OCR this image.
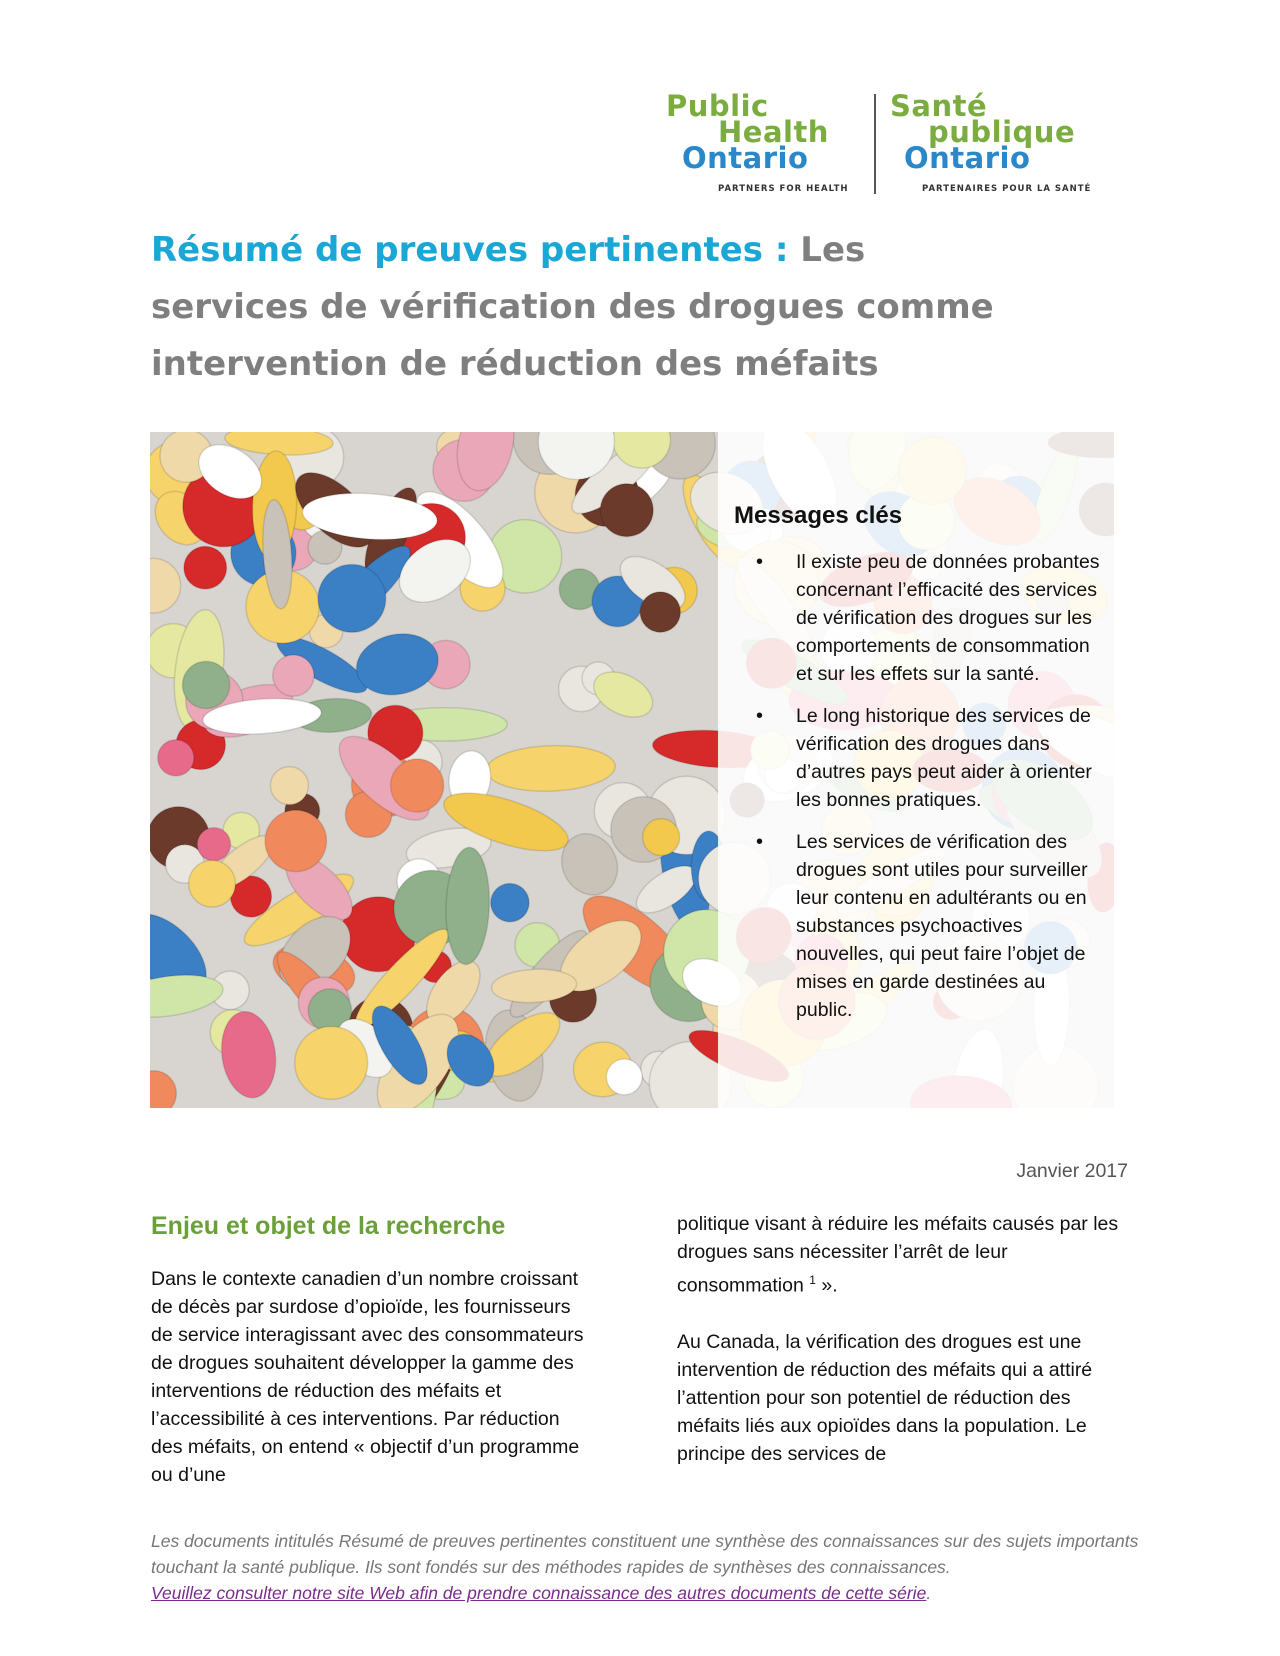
Public
Health
Ontario
PARTNERS FOR HEALTH
Santé
publique
Ontario
PARTENAIRES POUR LA SANTÉ
Résumé de preuves pertinentes : Les services de vérification des drogues comme intervention de réduction des méfaits
Messages clés
• Il existe peu de données probantes concernant l’efficacité des services de vérification des drogues sur les comportements de consommation et sur les effets sur la santé.
• Le long historique des services de vérification des drogues dans d’autres pays peut aider à orienter les bonnes pratiques.
• Les services de vérification des drogues sont utiles pour surveiller leur contenu en adultérants ou en substances psychoactives nouvelles, qui peut faire l’objet de mises en garde destinées au public.
Janvier 2017
Enjeu et objet de la recherche

Dans le contexte canadien d’un nombre croissant de décès par surdose d’opioïde, les fournisseurs de service interagissant avec des consommateurs de drogues souhaitent développer la gamme des interventions de réduction des méfaits et l’accessibilité à ces interventions. Par réduction des méfaits, on entend « objectif d’un programme ou d’une

politique visant à réduire les méfaits causés par les drogues sans nécessiter l’arrêt de leur consommation $^1$ ».

Au Canada, la vérification des drogues est une intervention de réduction des méfaits qui a attiré l’attention pour son potentiel de réduction des méfaits liés aux opioïdes dans la population. Le principe des services de

Les documents intitulés Résumé de preuves pertinentes constituent une synthèse des connaissances sur des sujets importants touchant la santé publique. Ils sont fondés sur des méthodes rapides de synthèses des connaissances.
Veuillez consulter notre site Web afin de prendre connaissance des autres documents de cette série.
